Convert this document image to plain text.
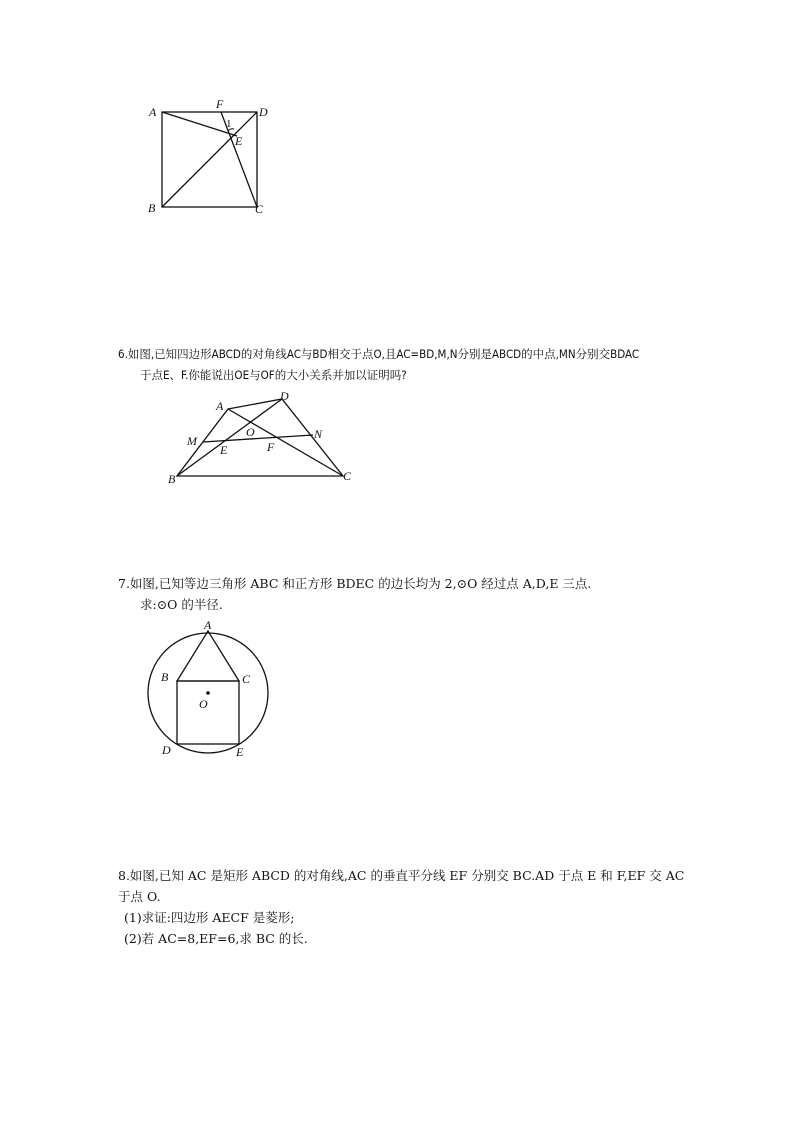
A
F
D
1
E
B	C

6.如图,已知四边形ABCD的对角线AC与BD相交于点O,且AC=BD,M,N分别是ABCD的中点,MN分别交BDAC

于点E、F.你能说出OE与OF的大小关系并加以证明吗?

A
D
M
O	N
E	F
B	C

7.如图,已知等边三角形 ABC 和正方形 BDEC 的边长均为 2,⊙O 经过点 A,D,E 三点.

求:⊙O 的半径.

A
B	C
O
D	E

8.如图,已知 AC 是矩形 ABCD 的对角线,AC 的垂直平分线 EF 分别交 BC.AD 于点 E 和 F,EF 交 AC

于点 O.

(1)求证:四边形 AECF 是菱形;

(2)若 AC=8,EF=6,求 BC 的长.
